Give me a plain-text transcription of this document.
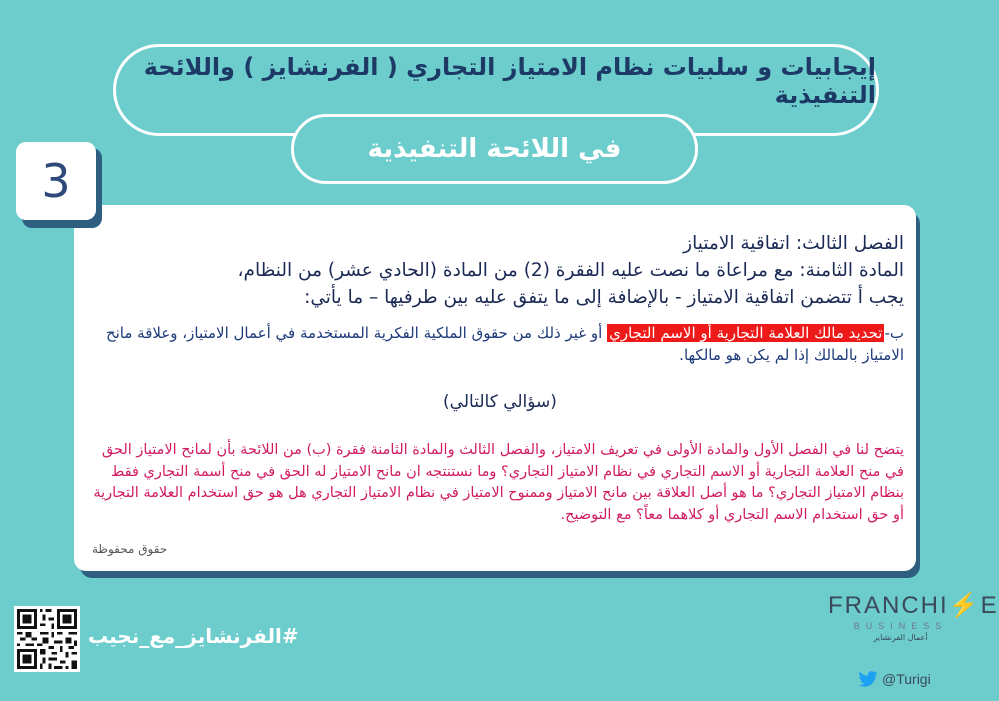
إيجابيات و سلبيات نظام الامتياز التجاري ( الفرنشايز ) واللائحة التنفيذية
في اللائحة التنفيذية
3
الفصل الثالث: اتفاقية الامتياز
المادة الثامنة: مع مراعاة ما نصت عليه الفقرة (2) من المادة (الحادي عشر) من النظام،
يجب أ تتضمن اتفاقية الامتياز - بالإضافة إلى ما يتفق عليه بين طرفيها – ما يأتي:
ب-تحديد مالك العلامة التجارية أو الاسم التجاري أو غير ذلك من حقوق الملكية الفكرية المستخدمة في أعمال الامتياز، وعلاقة مانح الامتياز بالمالك إذا لم يكن هو مالكها.
(سؤالي كالتالي)
يتضح لنا في الفصل الأول والمادة الأولى في تعريف الامتياز، والفصل الثالث والمادة الثامنة فقرة (ب) من اللائحة بأن لمانح الامتياز الحق في منح العلامة التجارية أو الاسم التجاري في نظام الامتياز التجاري؟ وما نستنتجه ان مانح الامتياز له الحق في منح أسمة التجاري فقط بنظام الامتياز التجاري؟ ما هو أصل العلاقة بين مانح الامتياز وممنوح الامتياز في نظام الامتياز التجاري هل هو حق استخدام العلامة التجارية أو حق استخدام الاسم التجاري أو كلاهما معاً؟ مع التوضيح.
حقوق محفوظة
#الفرنشايز_مع_نجيب
FRANCHI⚡E
BUSINESS
أعمال الفرنشايز
@Turigi
